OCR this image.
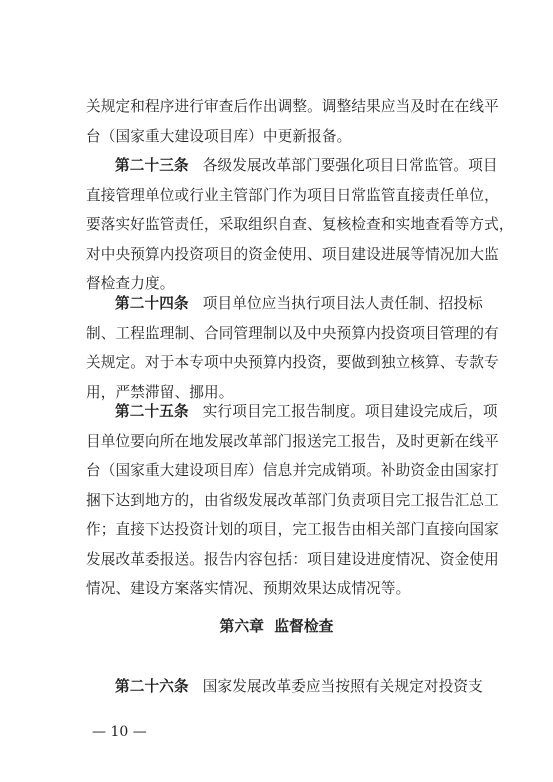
关规定和程序进行审查后作出调整。调整结果应当及时在在线平
台（国家重大建设项目库）中更新报备。
第二十三条 各级发展改革部门要强化项目日常监管。项目
直接管理单位或行业主管部门作为项目日常监管直接责任单位，
要落实好监管责任，采取组织自查、复核检查和实地查看等方式，
对中央预算内投资项目的资金使用、项目建设进展等情况加大监
督检查力度。
第二十四条 项目单位应当执行项目法人责任制、招投标
制、工程监理制、合同管理制以及中央预算内投资项目管理的有
关规定。对于本专项中央预算内投资，要做到独立核算、专款专
用，严禁滞留、挪用。
第二十五条 实行项目完工报告制度。项目建设完成后，项
目单位要向所在地发展改革部门报送完工报告，及时更新在线平
台（国家重大建设项目库）信息并完成销项。补助资金由国家打
捆下达到地方的，由省级发展改革部门负责项目完工报告汇总工
作；直接下达投资计划的项目，完工报告由相关部门直接向国家
发展改革委报送。报告内容包括：项目建设进度情况、资金使用
情况、建设方案落实情况、预期效果达成情况等。
第六章  监督检查
第二十六条 国家发展改革委应当按照有关规定对投资支
— 10 —
